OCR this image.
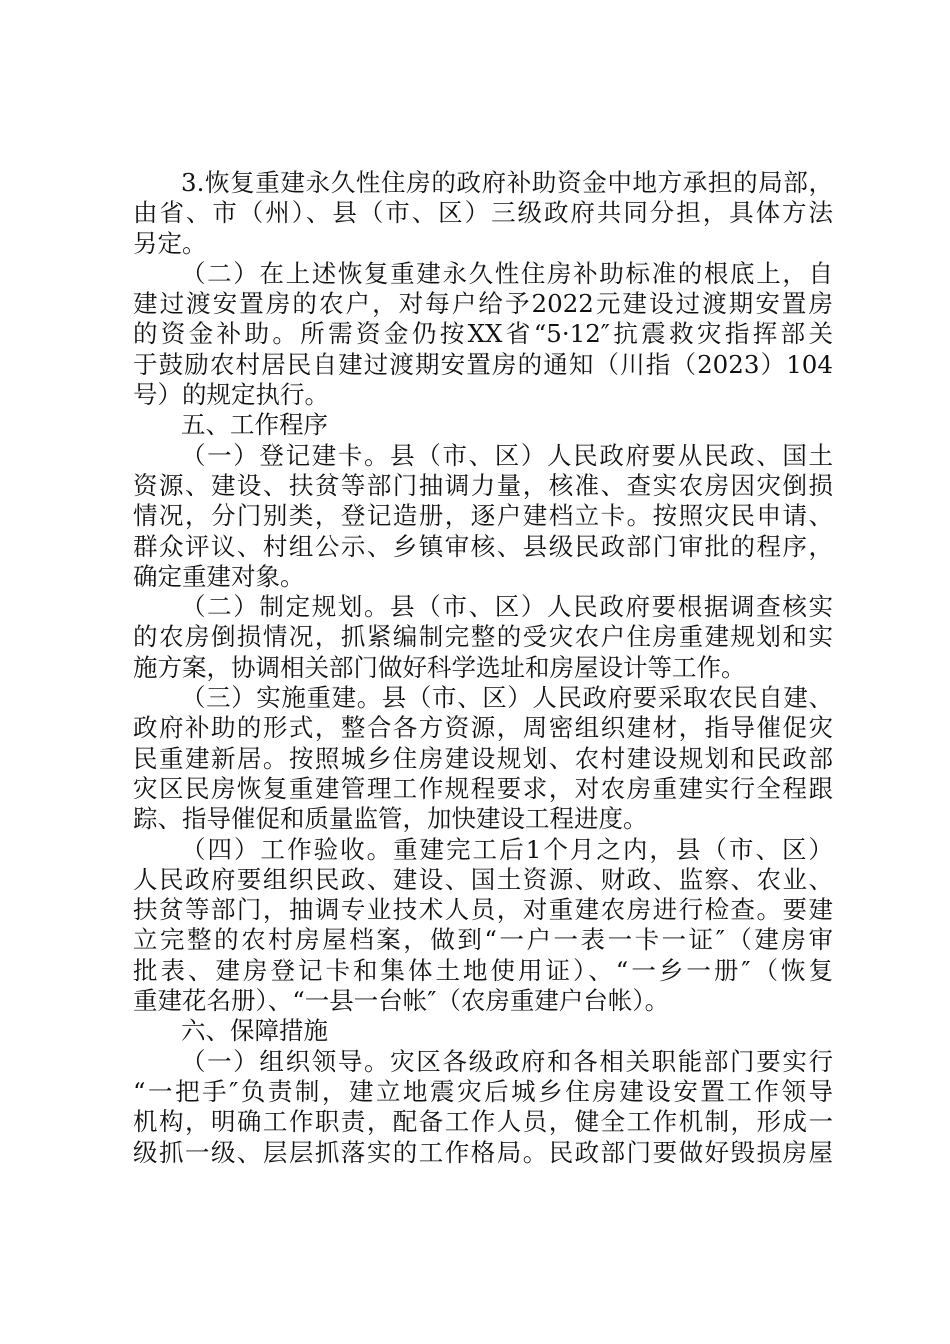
3.恢复重建永久性住房的政府补助资金中地方承担的局部，
由省、市（州）、县（市、区）三级政府共同分担，具体方法
另定。
（二）在上述恢复重建永久性住房补助标准的根底上，自
建过渡安置房的农户，对每户给予2022元建设过渡期安置房
的资金补助。所需资金仍按XX省“5·12″抗震救灾指挥部关
于鼓励农村居民自建过渡期安置房的通知（川指（2023）104
号）的规定执行。
五、工作程序
（一）登记建卡。县（市、区）人民政府要从民政、国土
资源、建设、扶贫等部门抽调力量，核准、查实农房因灾倒损
情况，分门别类，登记造册，逐户建档立卡。按照灾民申请、
群众评议、村组公示、乡镇审核、县级民政部门审批的程序，
确定重建对象。
（二）制定规划。县（市、区）人民政府要根据调查核实
的农房倒损情况，抓紧编制完整的受灾农户住房重建规划和实
施方案，协调相关部门做好科学选址和房屋设计等工作。
（三）实施重建。县（市、区）人民政府要采取农民自建、
政府补助的形式，整合各方资源，周密组织建材，指导催促灾
民重建新居。按照城乡住房建设规划、农村建设规划和民政部
灾区民房恢复重建管理工作规程要求，对农房重建实行全程跟
踪、指导催促和质量监管，加快建设工程进度。
（四）工作验收。重建完工后1个月之内，县（市、区）
人民政府要组织民政、建设、国土资源、财政、监察、农业、
扶贫等部门，抽调专业技术人员，对重建农房进行检查。要建
立完整的农村房屋档案，做到“一户一表一卡一证″（建房审
批表、建房登记卡和集体土地使用证）、“一乡一册″（恢复
重建花名册）、“一县一台帐″（农房重建户台帐）。
六、保障措施
（一）组织领导。灾区各级政府和各相关职能部门要实行
“一把手″负责制，建立地震灾后城乡住房建设安置工作领导
机构，明确工作职责，配备工作人员，健全工作机制，形成一
级抓一级、层层抓落实的工作格局。民政部门要做好毁损房屋
